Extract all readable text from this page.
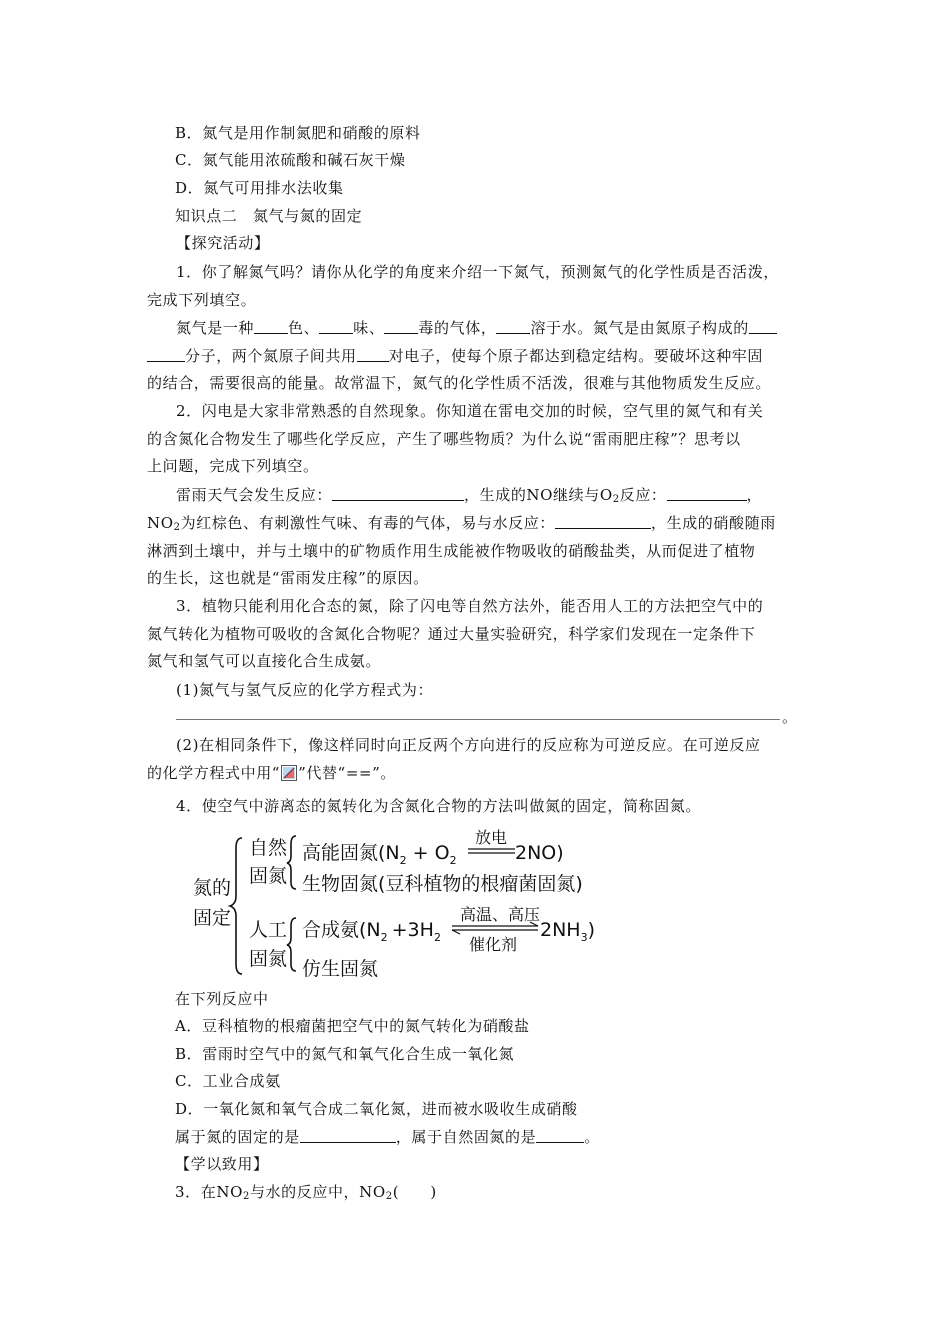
B．氮气是用作制氮肥和硝酸的原料
C．氮气能用浓硫酸和碱石灰干燥
D．氮气可用排水法收集
知识点二　氮气与氮的固定
【探究活动】
1．你了解氮气吗？请你从化学的角度来介绍一下氮气，预测氮气的化学性质是否活泼，
完成下列填空。
氮气是一种 色、 味、 毒的气体， 溶于水。氮气是由氮原子构成的
分子，两个氮原子间共用 对电子，使每个原子都达到稳定结构。要破坏这种牢固
的结合，需要很高的能量。故常温下，氮气的化学性质不活泼，很难与其他物质发生反应。
2．闪电是大家非常熟悉的自然现象。你知道在雷电交加的时候，空气里的氮气和有关
的含氮化合物发生了哪些化学反应，产生了哪些物质？为什么说“雷雨肥庄稼”？思考以
上问题，完成下列填空。
雷雨天气会发生反应：	，生成的NO继续与$O_2$反应：	，
$NO_2$为红棕色、有刺激性气味、有毒的气体，易与水反应：	，生成的硝酸随雨
淋洒到土壤中，并与土壤中的矿物质作用生成能被作物吸收的硝酸盐类，从而促进了植物
的生长，这也就是“雷雨发庄稼”的原因。
3．植物只能利用化合态的氮，除了闪电等自然方法外，能否用人工的方法把空气中的
氮气转化为植物可吸收的含氮化合物呢？通过大量实验研究，科学家们发现在一定条件下
氮气和氢气可以直接化合生成氨。
(1)氮气与氢气反应的化学方程式为：
。
(2)在相同条件下，像这样同时向正反两个方向进行的反应称为可逆反应。在可逆反应
的化学方程式中用“ ”代替“==”。
4．使空气中游离态的氮转化为含氮化合物的方法叫做氮的固定，简称固氮。
氮的
固定
自然
固氮
人工
固氮
高能固氮($N_2 + O_2$	2NO)
放电
生物固氮(豆科植物的根瘤菌固氮)
合成氨($N_2 +3H_2$	$2NH_3$)
高温、高压
催化剂
仿生固氮
在下列反应中
A．豆科植物的根瘤菌把空气中的氮气转化为硝酸盐
B．雷雨时空气中的氮气和氧气化合生成一氧化氮
C．工业合成氨
D．一氧化氮和氧气合成二氧化氮，进而被水吸收生成硝酸
属于氮的固定的是	，属于自然固氮的是	。
【学以致用】
3．在$NO_2$与水的反应中，$NO_2$(　　)
